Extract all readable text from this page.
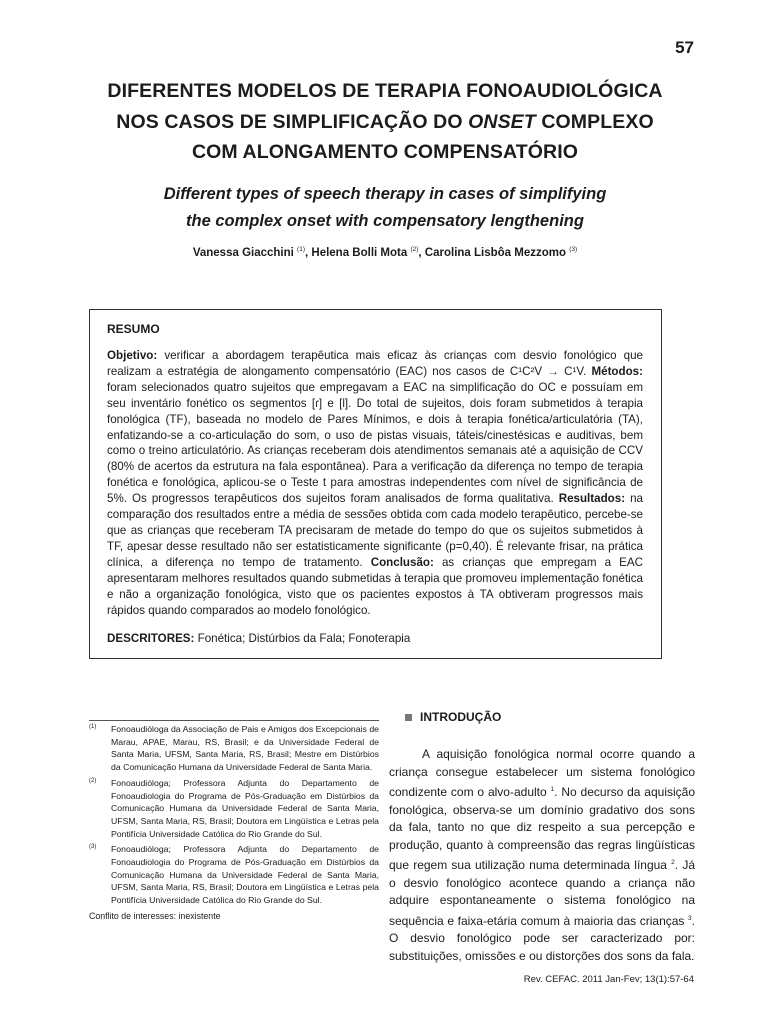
57
DIFERENTES MODELOS DE TERAPIA FONOAUDIOLÓGICA
NOS CASOS DE SIMPLIFICAÇÃO DO ONSET COMPLEXO
COM ALONGAMENTO COMPENSATÓRIO
Different types of speech therapy in cases of simplifying
the complex onset with compensatory lengthening
Vanessa Giacchini $^{(1)}$, Helena Bolli Mota $^{(2)}$, Carolina Lisbôa Mezzomo $^{(3)}$

RESUMO

Objetivo: verificar a abordagem terapêutica mais eficaz às crianças com desvio fonológico que realizam a estratégia de alongamento compensatório (EAC) nos casos de C¹C²V → C¹V. Métodos: foram selecionados quatro sujeitos que empregavam a EAC na simplificação do OC e possuíam em seu inventário fonético os segmentos [ɾ] e [l]. Do total de sujeitos, dois foram submetidos à terapia fonológica (TF), baseada no modelo de Pares Mínimos, e dois à terapia fonética/articulatória (TA), enfatizando-se a co-articulação do som, o uso de pistas visuais, táteis/cinestésicas e auditivas, bem como o treino articulatório. As crianças receberam dois atendimentos semanais até a aquisição de CCV (80% de acertos da estrutura na fala espontânea). Para a verificação da diferença no tempo de terapia fonética e fonológica, aplicou-se o Teste t para amostras independentes com nível de significância de 5%. Os progressos terapêuticos dos sujeitos foram analisados de forma qualitativa. Resultados: na comparação dos resultados entre a média de sessões obtida com cada modelo terapêutico, percebe-se que as crianças que receberam TA precisaram de metade do tempo do que os sujeitos submetidos à TF, apesar desse resultado não ser estatisticamente significante (p=0,40). É relevante frisar, na prática clínica, a diferença no tempo de tratamento. Conclusão: as crianças que empregam a EAC apresentaram melhores resultados quando submetidas à terapia que promoveu implementação fonética e não a organização fonológica, visto que os pacientes expostos à TA obtiveram progressos mais rápidos quando comparados ao modelo fonológico.

DESCRITORES: Fonética; Distúrbios da Fala; Fonoterapia
(1) Fonoaudióloga da Associação de Pais e Amigos dos Excepcionais de Marau, APAE, Marau, RS, Brasil; e da Universidade Federal de Santa Maria, UFSM, Santa Maria, RS, Brasil; Mestre em Distúrbios da Comunicação Humana da Universidade Federal de Santa Maria.
(2) Fonoaudióloga; Professora Adjunta do Departamento de Fonoaudiologia do Programa de Pós-Graduação em Distúrbios da Comunicação Humana da Universidade Federal de Santa Maria, UFSM, Santa Maria, RS, Brasil; Doutora em Lingüística e Letras pela Pontifícia Universidade Católica do Rio Grande do Sul.
(3) Fonoaudióloga; Professora Adjunta do Departamento de Fonoaudiologia do Programa de Pós-Graduação em Distúrbios da Comunicação Humana da Universidade Federal de Santa Maria, UFSM, Santa Maria, RS, Brasil; Doutora em Lingüística e Letras pela Pontifícia Universidade Católica do Rio Grande do Sul.
Conflito de interesses: inexistente
INTRODUÇÃO

A aquisição fonológica normal ocorre quando a criança consegue estabelecer um sistema fonológico condizente com o alvo-adulto $^1$. No decurso da aquisição fonológica, observa-se um domínio gradativo dos sons da fala, tanto no que diz respeito a sua percepção e produção, quanto à compreensão das regras lingüísticas que regem sua utilização numa determinada língua $^2$. Já o desvio fonológico acontece quando a criança não adquire espontaneamente o sistema fonológico na sequência e faixa-etária comum à maioria das crianças $^3$. O desvio fonológico pode ser caracterizado por: substituições, omissões e ou distorções dos sons da fala.

Rev. CEFAC. 2011 Jan-Fev; 13(1):57-64
